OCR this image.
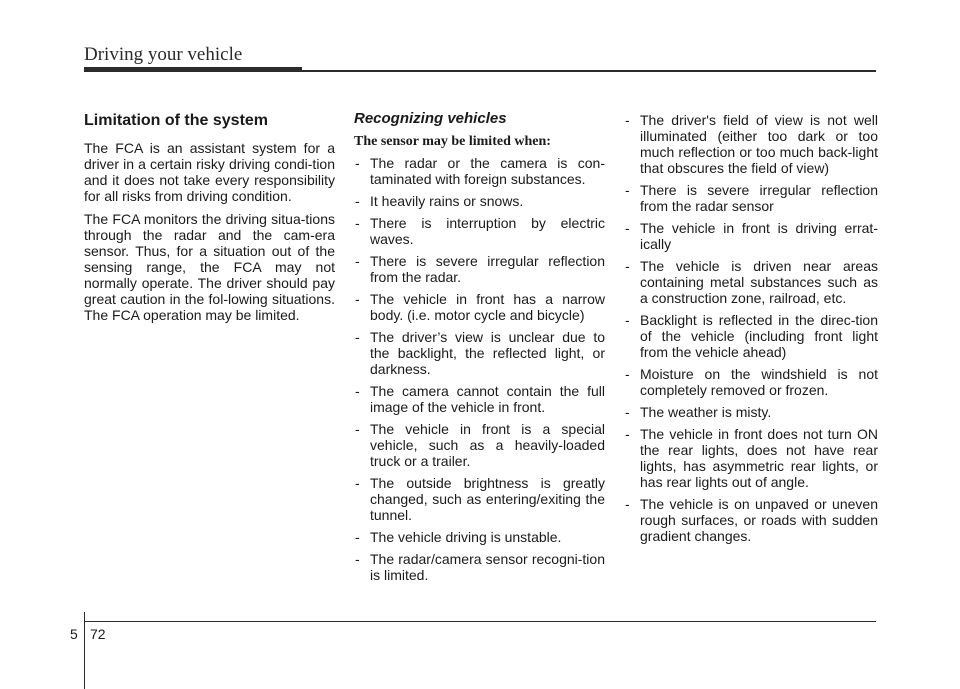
Driving your vehicle
Limitation of the system

The FCA is an assistant system for a driver in a certain risky driving condi-tion and it does not take every responsibility for all risks from driving condition.

The FCA monitors the driving situa-tions through the radar and the cam-era sensor. Thus, for a situation out of the sensing range, the FCA may not normally operate. The driver should pay great caution in the fol-lowing situations. The FCA operation may be limited.

Recognizing vehicles
The sensor may be limited when:
- The radar or the camera is con-taminated with foreign substances.
- It heavily rains or snows.
- There is interruption by electric waves.
- There is severe irregular reflection from the radar.
- The vehicle in front has a narrow body. (i.e. motor cycle and bicycle)
- The driver’s view is unclear due to the backlight, the reflected light, or darkness.
- The camera cannot contain the full image of the vehicle in front.
- The vehicle in front is a special vehicle, such as a heavily-loaded truck or a trailer.
- The outside brightness is greatly changed, such as entering/exiting the tunnel.
- The vehicle driving is unstable.
- The radar/camera sensor recogni-tion is limited.
- The driver's field of view is not well illuminated (either too dark or too much reflection or too much back-light that obscures the field of view)
- There is severe irregular reflection from the radar sensor
- The vehicle in front is driving errat-ically
- The vehicle is driven near areas containing metal substances such as a construction zone, railroad, etc.
- Backlight is reflected in the direc-tion of the vehicle (including front light from the vehicle ahead)
- Moisture on the windshield is not completely removed or frozen.
- The weather is misty.
- The vehicle in front does not turn ON the rear lights, does not have rear lights, has asymmetric rear lights, or has rear lights out of angle.
- The vehicle is on unpaved or uneven rough surfaces, or roads with sudden gradient changes.
5 72
